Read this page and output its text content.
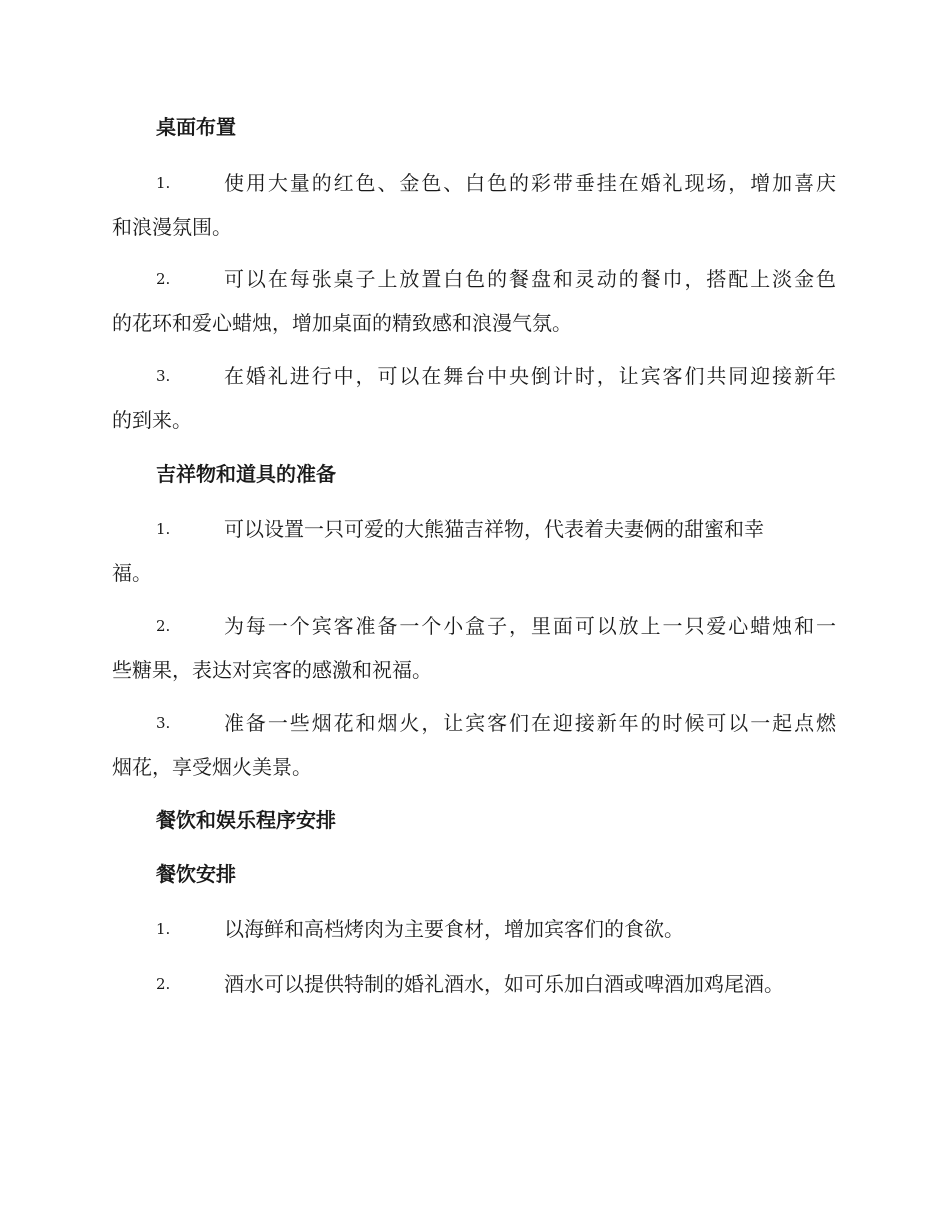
桌面布置
1.	使用大量的红色、金色、白色的彩带垂挂在婚礼现场，增加喜庆
和浪漫氛围。
2.	可以在每张桌子上放置白色的餐盘和灵动的餐巾，搭配上淡金色
的花环和爱心蜡烛，增加桌面的精致感和浪漫气氛。
3.	在婚礼进行中，可以在舞台中央倒计时，让宾客们共同迎接新年
的到来。
吉祥物和道具的准备
1.	可以设置一只可爱的大熊猫吉祥物，代表着夫妻俩的甜蜜和幸
福。
2.	为每一个宾客准备一个小盒子，里面可以放上一只爱心蜡烛和一
些糖果，表达对宾客的感激和祝福。
3.	准备一些烟花和烟火，让宾客们在迎接新年的时候可以一起点燃
烟花，享受烟火美景。
餐饮和娱乐程序安排
餐饮安排
1.	以海鲜和高档烤肉为主要食材，增加宾客们的食欲。
2.	酒水可以提供特制的婚礼酒水，如可乐加白酒或啤酒加鸡尾酒。
